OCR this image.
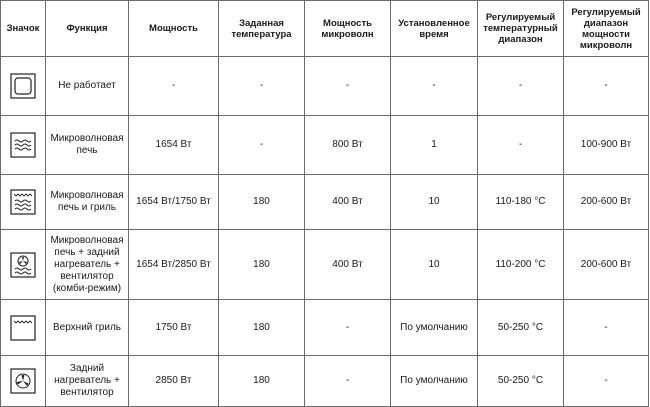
Значок	Функция	Мощность	Заданная температура	Мощность микроволн	Установленное время	Регулируемый температурный диапазон	Регулируемый диапазон мощности микроволн

	Не работает	-	-	-	-	-	-

	Микроволновая печь	1654 Вт	-	800 Вт	1	-	100-900 Вт

	Микроволновая печь и гриль	1654 Вт/1750 Вт	180	400 Вт	10	110-180 °C	200-600 Вт

	Микроволновая печь + задний нагреватель + вентилятор (комби-режим)	1654 Вт/2850 Вт	180	400 Вт	10	110-200 °C	200-600 Вт

	Верхний гриль	1750 Вт	180	-	По умолчанию	50-250 °C	-

	Задний нагреватель + вентилятор	2850 Вт	180	-	По умолчанию	50-250 °C	-
